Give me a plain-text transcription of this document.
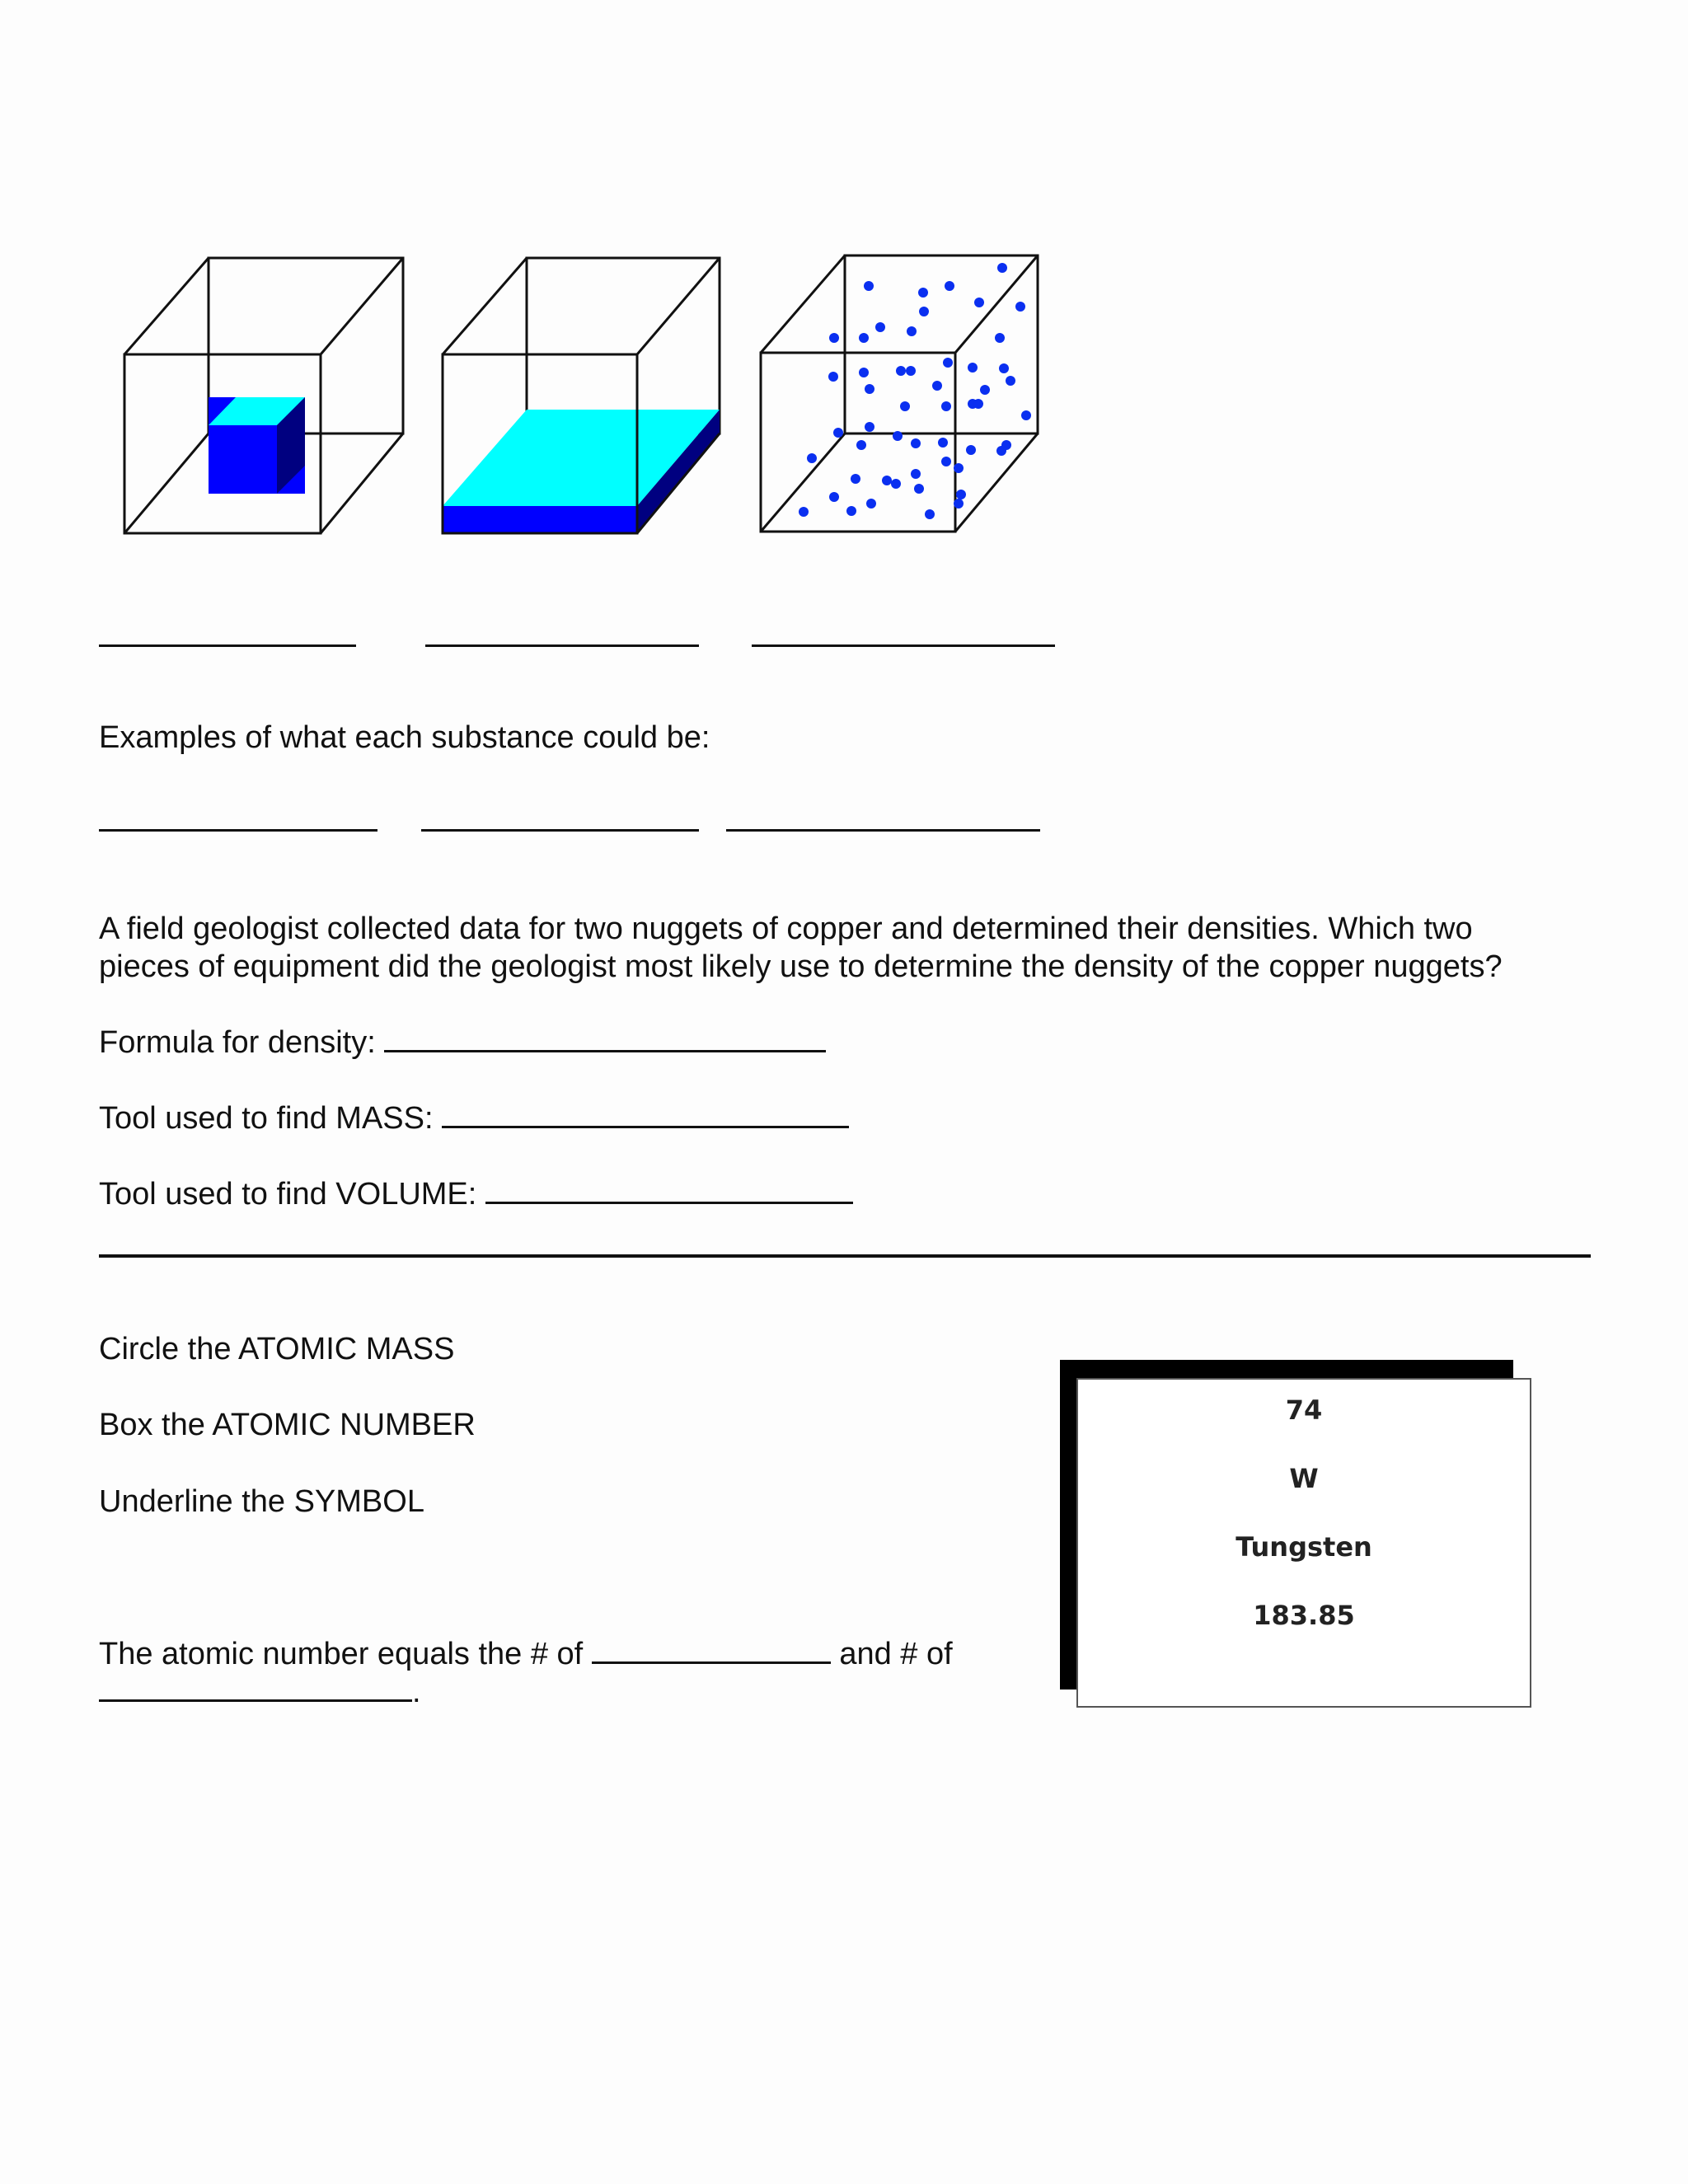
Examples of what each substance could be:
A field geologist collected data for two nuggets of copper and determined their densities. Which two
pieces of equipment did the geologist most likely use to determine the density of the copper nuggets?
Formula for density:
Tool used to find MASS:
Tool used to find VOLUME:
Circle the ATOMIC MASS
Box the ATOMIC NUMBER
Underline the SYMBOL
The atomic number equals the # of	and # of
.
74
W
Tungsten
183.85
